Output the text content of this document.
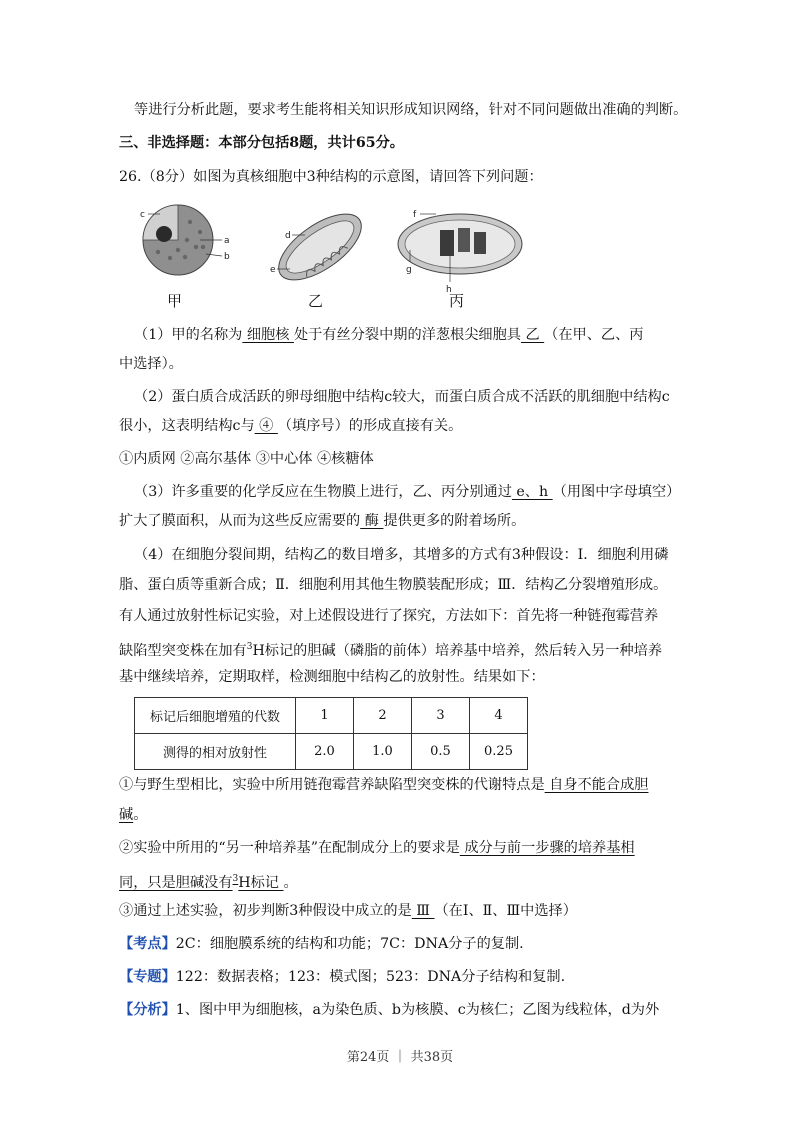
等进行分析此题，要求考生能将相关知识形成知识网络，针对不同问题做出准确的判断。
三、非选择题：本部分包括8题，共计65分。
26.（8分）如图为真核细胞中3种结构的示意图，请回答下列问题：
a
b
c
d
e
f
g
h
甲	乙	丙
（1）甲的名称为 细胞核 处于有丝分裂中期的洋葱根尖细胞具 乙 （在甲、乙、丙
中选择）。
（2）蛋白质合成活跃的卵母细胞中结构c较大，而蛋白质合成不活跃的肌细胞中结构c
很小，这表明结构c与 ④ （填序号）的形成直接有关。
①内质网 ②高尔基体 ③中心体 ④核糖体
（3）许多重要的化学反应在生物膜上进行，乙、丙分别通过 e、h （用图中字母填空）
扩大了膜面积，从而为这些反应需要的 酶 提供更多的附着场所。
（4）在细胞分裂间期，结构乙的数目增多，其增多的方式有3种假设：Ⅰ．细胞利用磷
脂、蛋白质等重新合成；Ⅱ．细胞利用其他生物膜装配形成；Ⅲ．结构乙分裂增殖形成。
有人通过放射性标记实验，对上述假设进行了探究，方法如下：首先将一种链孢霉营养
缺陷型突变株在加有$^3$H标记的胆碱（磷脂的前体）培养基中培养，然后转入另一种培养
基中继续培养，定期取样，检测细胞中结构乙的放射性。结果如下：
标记后细胞增殖的代数	1	2	3	4
测得的相对放射性	2.0	1.0	0.5	0.25
①与野生型相比，实验中所用链孢霉营养缺陷型突变株的代谢特点是 自身不能合成胆
碱。
②实验中所用的“另一种培养基”在配制成分上的要求是 成分与前一步骤的培养基相
同，只是胆碱没有$^3$H标记 。
③通过上述实验，初步判断3种假设中成立的是 Ⅲ （在Ⅰ、Ⅱ、Ⅲ中选择）
【考点】2C：细胞膜系统的结构和功能；7C：DNA分子的复制.
【专题】122：数据表格；123：模式图；523：DNA分子结构和复制.
【分析】1、图中甲为细胞核，a为染色质、b为核膜、c为核仁；乙图为线粒体，d为外
第24页 ｜ 共38页
